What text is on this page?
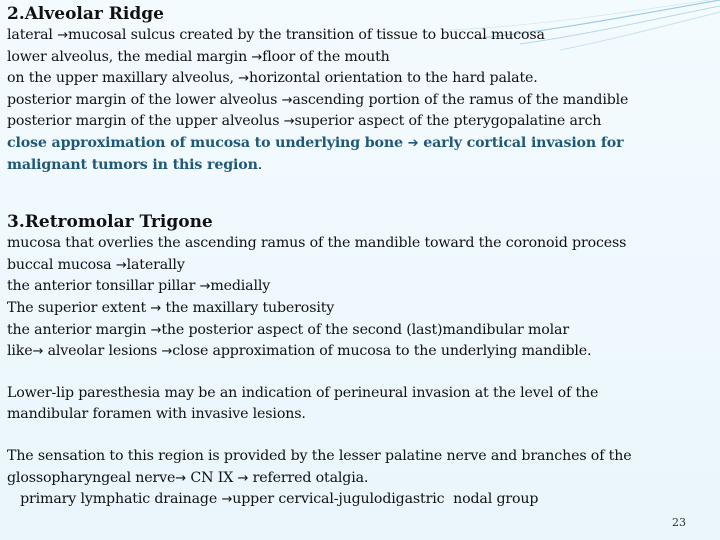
2.Alveolar Ridge
lateral →mucosal sulcus created by the transition of tissue to buccal mucosa
lower alveolus, the medial margin →floor of the mouth
on the upper maxillary alveolus, →horizontal orientation to the hard palate.
posterior margin of the lower alveolus →ascending portion of the ramus of the mandible
posterior margin of the upper alveolus →superior aspect of the pterygopalatine arch
close approximation of mucosa to underlying bone ➔ early cortical invasion for
malignant tumors in this region.
3.Retromolar Trigone
mucosa that overlies the ascending ramus of the mandible toward the coronoid process
buccal mucosa →laterally
the anterior tonsillar pillar →medially
The superior extent → the maxillary tuberosity
the anterior margin →the posterior aspect of the second (last)mandibular molar
like→ alveolar lesions →close approximation of mucosa to the underlying mandible.
Lower-lip paresthesia may be an indication of perineural invasion at the level of the
mandibular foramen with invasive lesions.
The sensation to this region is provided by the lesser palatine nerve and branches of the
glossopharyngeal nerve→ CN IX → referred otalgia.
primary lymphatic drainage →upper cervical-jugulodigastric  nodal group
23
